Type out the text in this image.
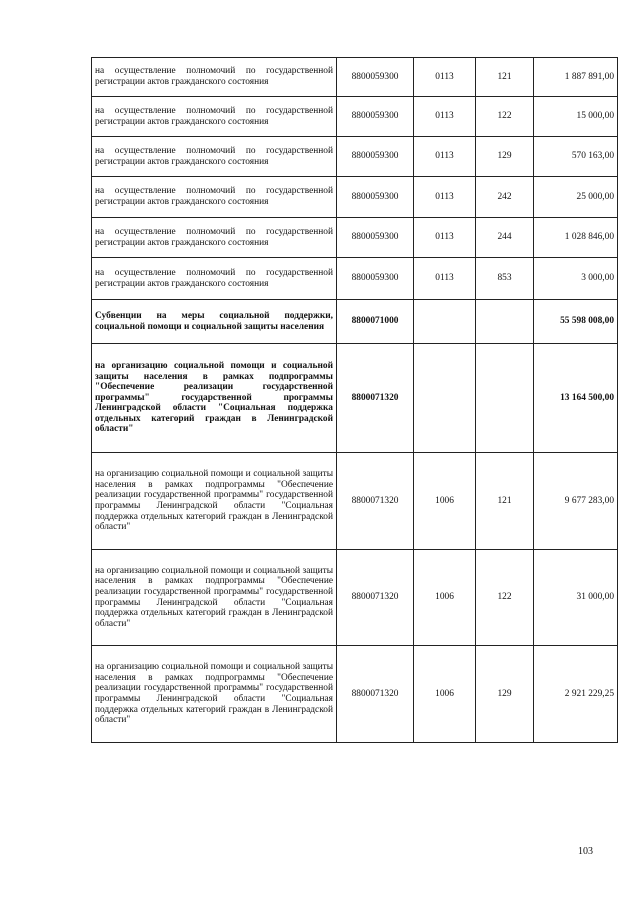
на осуществление полномочий по государственной регистрации актов гражданского состояния	8800059300	0113	121	1 887 891,00
на осуществление полномочий по государственной регистрации актов гражданского состояния	8800059300	0113	122	15 000,00
на осуществление полномочий по государственной регистрации актов гражданского состояния	8800059300	0113	129	570 163,00
на осуществление полномочий по государственной регистрации актов гражданского состояния	8800059300	0113	242	25 000,00
на осуществление полномочий по государственной регистрации актов гражданского состояния	8800059300	0113	244	1 028 846,00
на осуществление полномочий по государственной регистрации актов гражданского состояния	8800059300	0113	853	3 000,00
Субвенции на меры социальной поддержки, социальной помощи и социальной защиты населения	8800071000			55 598 008,00
на организацию социальной помощи и социальной защиты населения в рамках подпрограммы "Обеспечение реализации государственной программы" государственной программы Ленинградской области "Социальная поддержка отдельных категорий граждан в Ленинградской области"	8800071320			13 164 500,00
на организацию социальной помощи и социальной защиты населения в рамках подпрограммы "Обеспечение реализации государственной программы" государственной программы Ленинградской области "Социальная поддержка отдельных категорий граждан в Ленинградской области"	8800071320	1006	121	9 677 283,00
на организацию социальной помощи и социальной защиты населения в рамках подпрограммы "Обеспечение реализации государственной программы" государственной программы Ленинградской области "Социальная поддержка отдельных категорий граждан в Ленинградской области"	8800071320	1006	122	31 000,00
на организацию социальной помощи и социальной защиты населения в рамках подпрограммы "Обеспечение реализации государственной программы" государственной программы Ленинградской области "Социальная поддержка отдельных категорий граждан в Ленинградской области"	8800071320	1006	129	2 921 229,25
103
